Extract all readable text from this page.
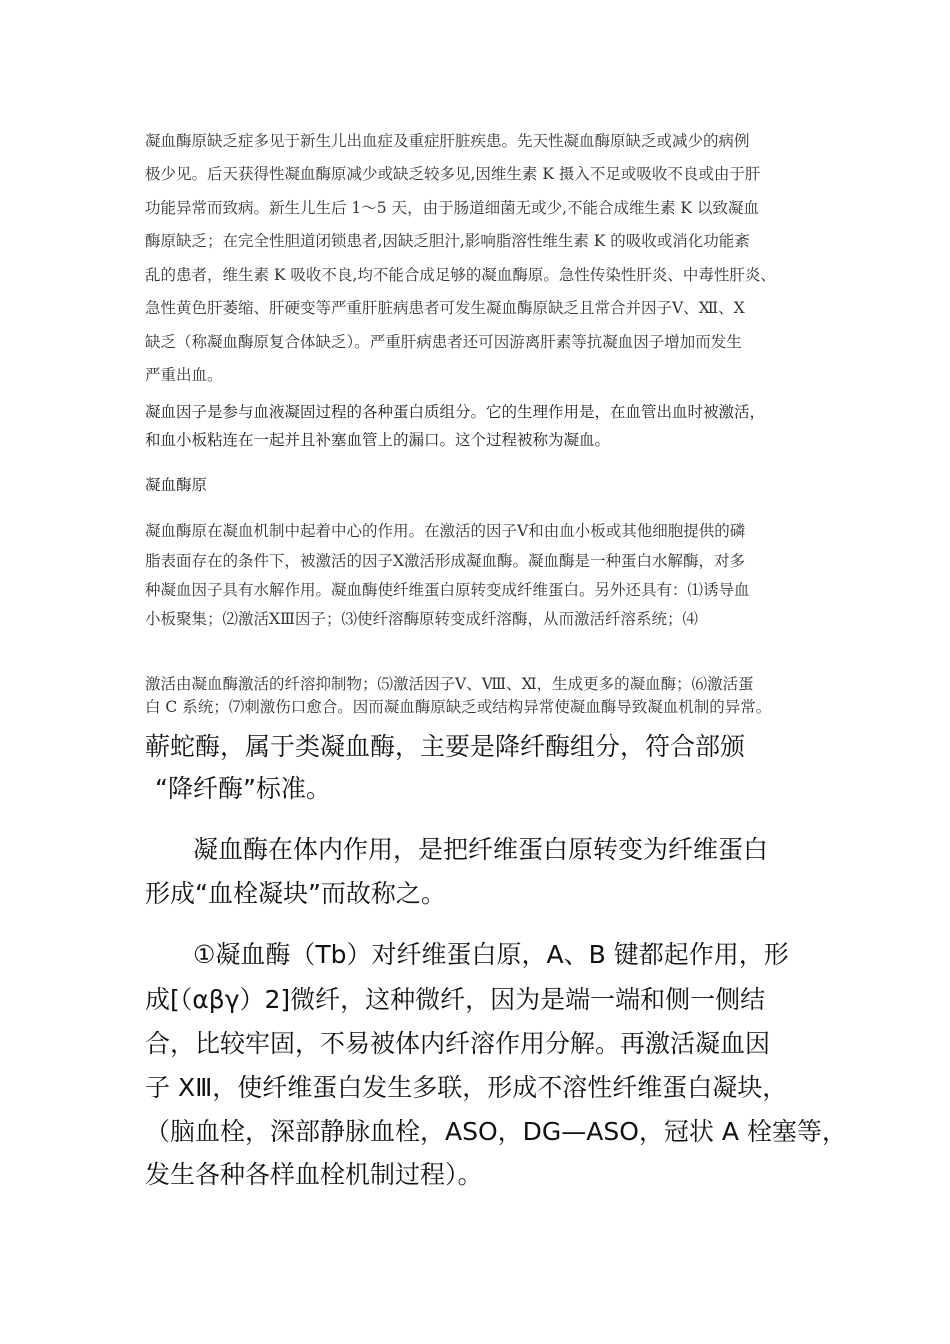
凝血酶原缺乏症多见于新生儿出血症及重症肝脏疾患。先天性凝血酶原缺乏或减少的病例
极少见。后天获得性凝血酶原减少或缺乏较多见,因维生素 K 摄入不足或吸收不良或由于肝
功能异常而致病。新生儿生后 1～5 天，由于肠道细菌无或少,不能合成维生素 K 以致凝血
酶原缺乏；在完全性胆道闭锁患者,因缺乏胆汁,影响脂溶性维生素 K 的吸收或消化功能紊
乱的患者，维生素 K 吸收不良,均不能合成足够的凝血酶原。急性传染性肝炎、中毒性肝炎、
急性黄色肝萎缩、肝硬变等严重肝脏病患者可发生凝血酶原缺乏且常合并因子Ⅴ、Ⅻ、Ⅹ
缺乏（称凝血酶原复合体缺乏）。严重肝病患者还可因游离肝素等抗凝血因子增加而发生
严重出血。
凝血因子是参与血液凝固过程的各种蛋白质组分。它的生理作用是，在血管出血时被激活，
和血小板粘连在一起并且补塞血管上的漏口。这个过程被称为凝血。
凝血酶原
凝血酶原在凝血机制中起着中心的作用。在激活的因子Ⅴ和由血小板或其他细胞提供的磷
脂表面存在的条件下，被激活的因子Ⅹ激活形成凝血酶。凝血酶是一种蛋白水解酶，对多
种凝血因子具有水解作用。凝血酶使纤维蛋白原转变成纤维蛋白。另外还具有：⑴诱导血
小板聚集；⑵激活ⅩⅢ因子；⑶使纤溶酶原转变成纤溶酶，从而激活纤溶系统；⑷
激活由凝血酶激活的纤溶抑制物；⑸激活因子Ⅴ、Ⅷ、Ⅺ，生成更多的凝血酶；⑹激活蛋
白 C 系统；⑺刺激伤口愈合。因而凝血酶原缺乏或结构异常使凝血酶导致凝血机制的异常。
蕲蛇酶，属于类凝血酶，主要是降纤酶组分，符合部颁
“降纤酶”标准。
凝血酶在体内作用，是把纤维蛋白原转变为纤维蛋白
形成“血栓凝块”而故称之。
①凝血酶（Tb）对纤维蛋白原，A、B 键都起作用，形
成[（αβγ）2]微纤，这种微纤，因为是端一端和侧一侧结
合，比较牢固，不易被体内纤溶作用分解。再激活凝血因
子 XⅢ，使纤维蛋白发生多联，形成不溶性纤维蛋白凝块，
（脑血栓，深部静脉血栓，ASO，DG—ASO，冠状 A 栓塞等，
发生各种各样血栓机制过程）。
